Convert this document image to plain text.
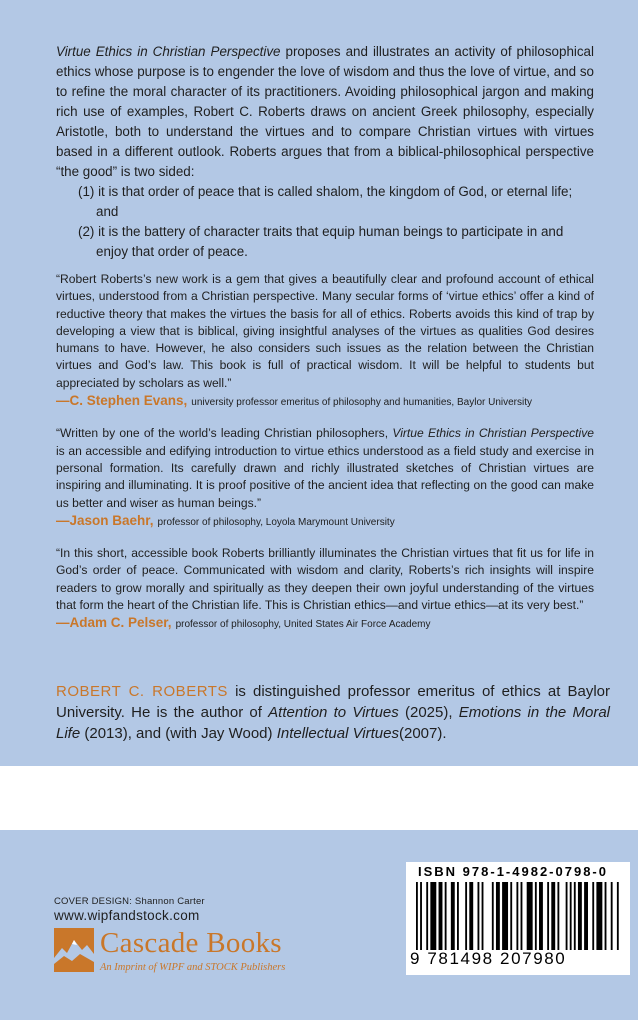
Virtue Ethics in Christian Perspective proposes and illustrates an activity of philosophical ethics whose purpose is to engender the love of wisdom and thus the love of virtue, and so to refine the moral character of its practitioners. Avoiding philosophical jargon and making rich use of examples, Robert C. Roberts draws on ancient Greek philosophy, especially Aristotle, both to understand the virtues and to compare Christian virtues with virtues based in a different outlook. Roberts argues that from a biblical-philosophical perspective “the good” is two sided:

(1) it is that order of peace that is called shalom, the kingdom of God, or eternal life; and
(2) it is the battery of character traits that equip human beings to participate in and enjoy that order of peace.

“Robert Roberts’s new work is a gem that gives a beautifully clear and profound account of ethical virtues, understood from a Christian perspective. Many secular forms of ‘virtue ethics’ offer a kind of reductive theory that makes the virtues the basis for all of ethics. Roberts avoids this kind of trap by developing a view that is biblical, giving insightful analyses of the virtues as qualities God desires humans to have. However, he also considers such issues as the relation between the Christian virtues and God’s law. This book is full of practical wisdom. It will be helpful to students but appreciated by scholars as well.”

—C. Stephen Evans, university professor emeritus of philosophy and humanities, Baylor University

“Written by one of the world’s leading Christian philosophers, Virtue Ethics in Christian Perspective is an accessible and edifying introduction to virtue ethics understood as a field study and exercise in personal formation. Its carefully drawn and richly illustrated sketches of Christian virtues are inspiring and illuminating. It is proof positive of the ancient idea that reflecting on the good can make us better and wiser as human beings.”

—Jason Baehr, professor of philosophy, Loyola Marymount University

“In this short, accessible book Roberts brilliantly illuminates the Christian virtues that fit us for life in God’s order of peace. Communicated with wisdom and clarity, Roberts’s rich insights will inspire readers to grow morally and spiritually as they deepen their own joyful understanding of the virtues that form the heart of the Christian life. This is Christian ethics—and virtue ethics—at its very best.”

—Adam C. Pelser, professor of philosophy, United States Air Force Academy
ROBERT C. ROBERTS is distinguished professor emeritus of ethics at Baylor University. He is the author of Attention to Virtues (2025), Emotions in the Moral Life (2013), and (with Jay Wood) Intellectual Virtues(2007).
COVER DESIGN: Shannon Carter
www.wipfandstock.com
Cascade Books
An Imprint of WIPF and STOCK Publishers
ISBN 978-1-4982-0798-0
9 781498 207980
